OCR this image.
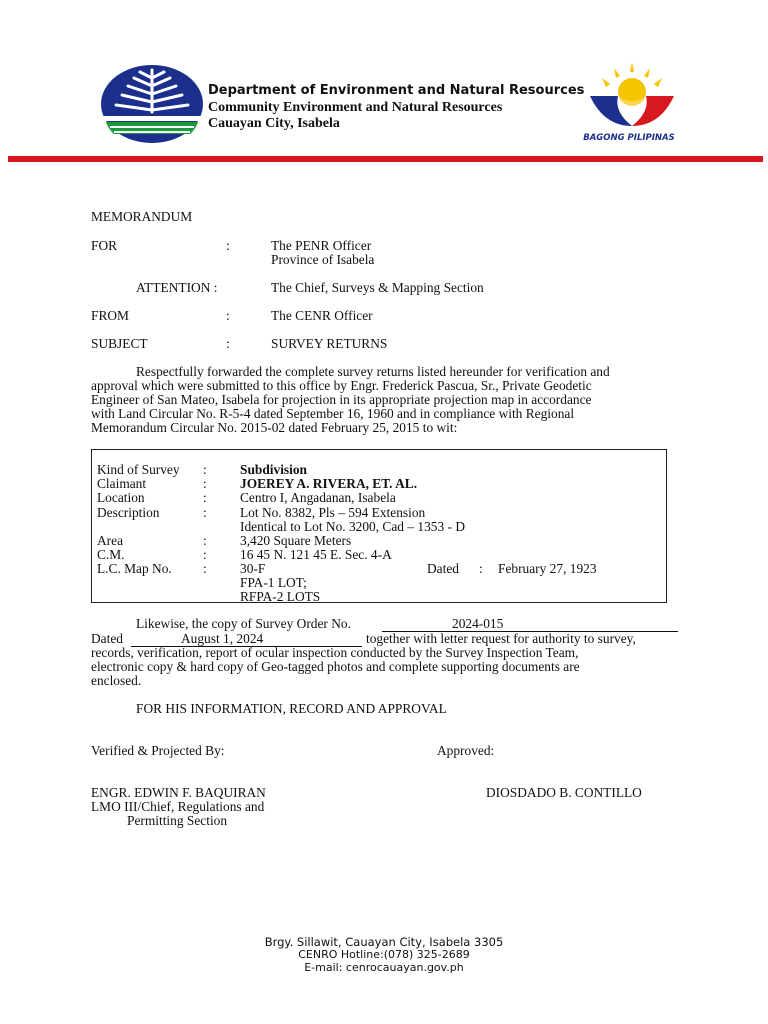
Department of Environment and Natural Resources
Community Environment and Natural Resources
Cauayan City, Isabela
BAGONG PILIPINAS
MEMORANDUM
FOR	:	The PENR Officer
Province of Isabela
ATTENTION :	The Chief, Surveys & Mapping Section
FROM	:	The CENR Officer
SUBJECT	:	SURVEY RETURNS
Respectfully forwarded the complete survey returns listed hereunder for verification and
approval which were submitted to this office by Engr. Frederick Pascua, Sr., Private Geodetic
Engineer of San Mateo, Isabela for projection in its appropriate projection map in accordance
with Land Circular No. R-5-4 dated September 16, 1960 and in compliance with Regional
Memorandum Circular No. 2015-02 dated February 25, 2015 to wit:
Kind of Survey : Subdivision
Claimant	: JOEREY A. RIVERA, ET. AL.
Location	: Centro I, Angadanan, Isabela
Description	: Lot No. 8382, Pls – 594 Extension
Identical to Lot No. 3200, Cad – 1353 - D
Area	: 3,420 Square Meters
C.M.	: 16 45 N. 121 45 E. Sec. 4-A
L.C. Map No. : 30-F	Dated : February 27, 1923
FPA-1 LOT;
RFPA-2 LOTS
Likewise, the copy of Survey Order No.	2024-015
Dated	August 1, 2024	together with letter request for authority to survey,
records, verification, report of ocular inspection conducted by the Survey Inspection Team,
electronic copy & hard copy of Geo-tagged photos and complete supporting documents are
enclosed.
FOR HIS INFORMATION, RECORD AND APPROVAL
Verified & Projected By:	Approved:
ENGR. EDWIN F. BAQUIRAN
LMO III/Chief, Regulations and
Permitting Section
DIOSDADO B. CONTILLO
Brgy. Sillawit, Cauayan City, Isabela 3305
CENRO Hotline:(078) 325-2689
E-mail: cenrocauayan.gov.ph
